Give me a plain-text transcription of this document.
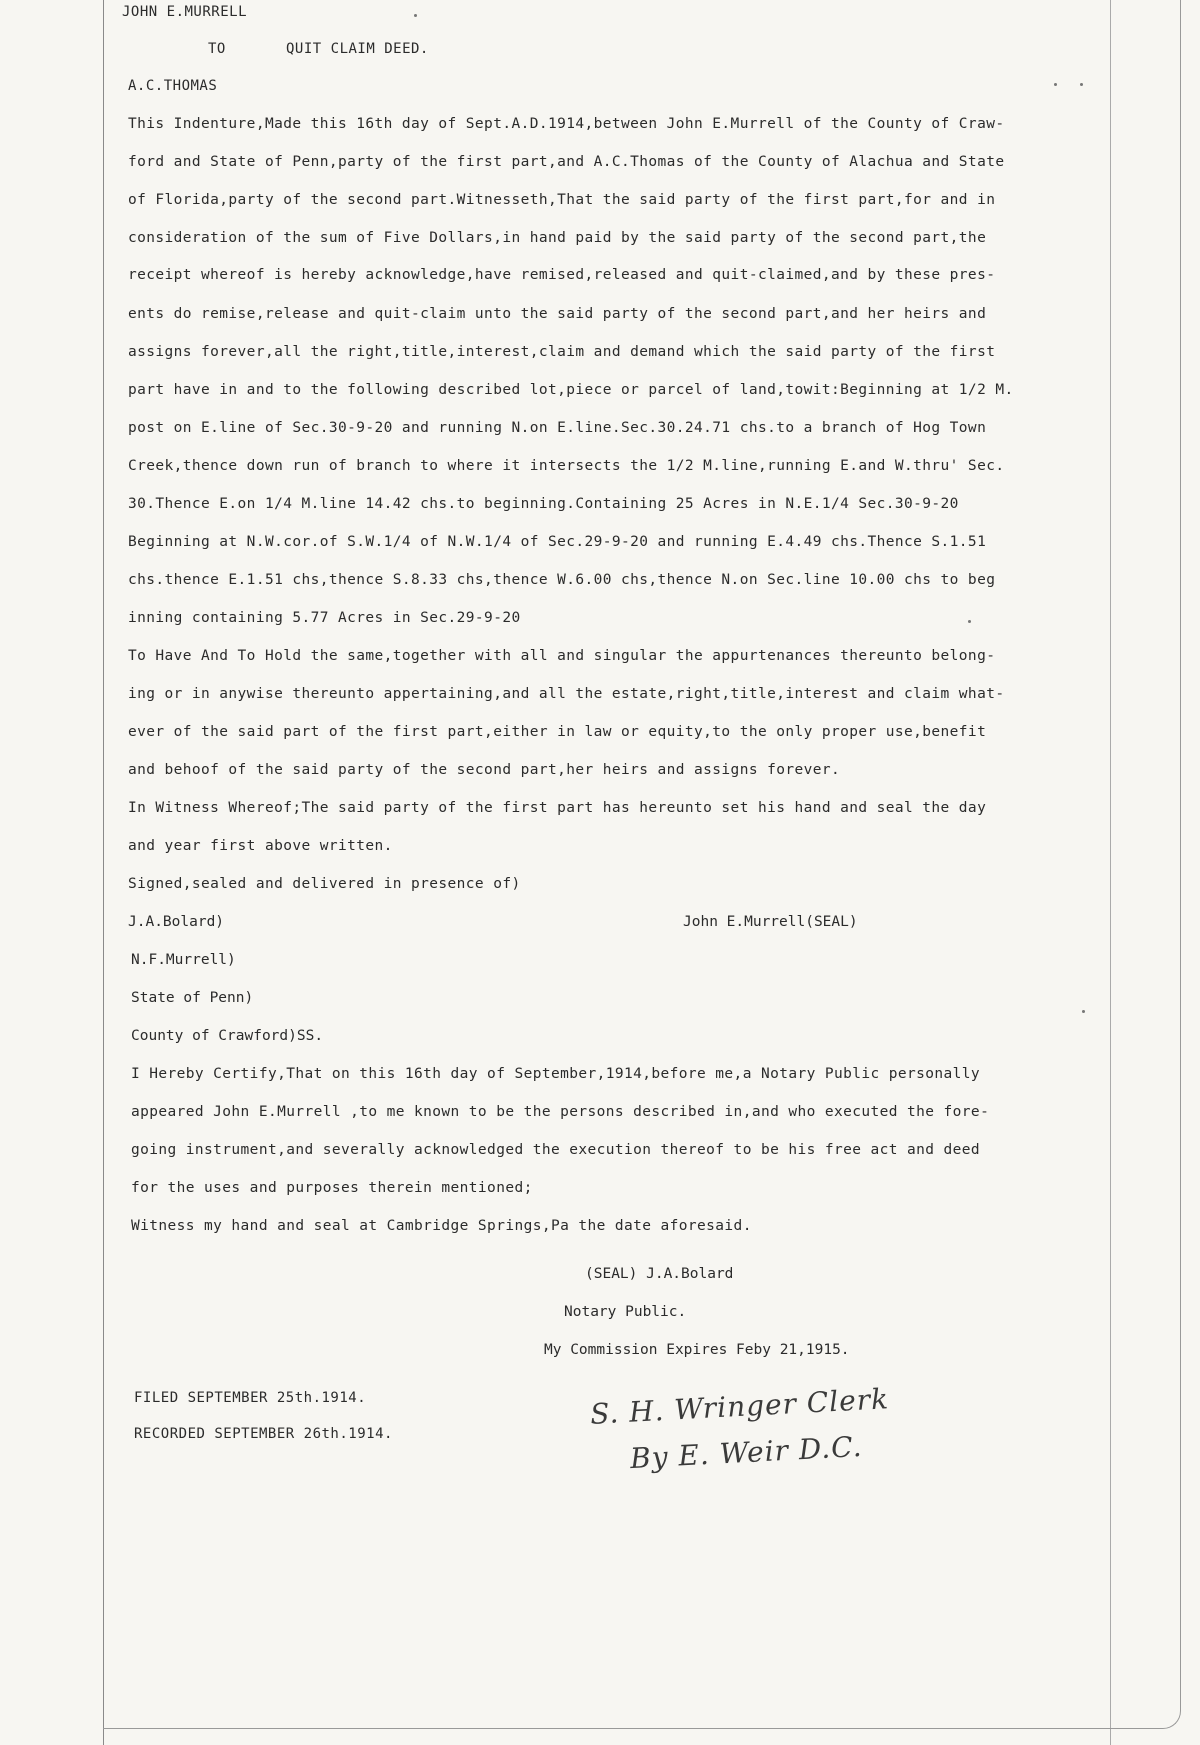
JOHN E.MURRELL
TO	QUIT CLAIM DEED.
A.C.THOMAS
This Indenture,Made this 16th day of Sept.A.D.1914,between John E.Murrell of the County of Craw-
ford and State of Penn,party of the first part,and A.C.Thomas of the County of Alachua and State
of Florida,party of the second part.Witnesseth,That the said party of the first part,for and in
consideration of the sum of Five Dollars,in hand paid by the said party of the second part,the
receipt whereof is hereby acknowledge,have remised,released and quit-claimed,and by these pres-
ents do remise,release and quit-claim unto the said party of the second part,and her heirs and
assigns forever,all the right,title,interest,claim and demand which the said party of the first
part have in and to the following described lot,piece or parcel of land,towit:Beginning at 1/2 M.
post on E.line of Sec.30-9-20 and running N.on E.line.Sec.30.24.71 chs.to a branch of Hog Town
Creek,thence down run of branch to where it intersects the 1/2 M.line,running E.and W.thru' Sec.
30.Thence E.on 1/4 M.line 14.42 chs.to beginning.Containing 25 Acres in N.E.1/4 Sec.30-9-20
Beginning at N.W.cor.of S.W.1/4 of N.W.1/4 of Sec.29-9-20 and running E.4.49 chs.Thence S.1.51
chs.thence E.1.51 chs,thence S.8.33 chs,thence W.6.00 chs,thence N.on Sec.line 10.00 chs to beg
inning containing 5.77 Acres in Sec.29-9-20
To Have And To Hold the same,together with all and singular the appurtenances thereunto belong-
ing or in anywise thereunto appertaining,and all the estate,right,title,interest and claim what-
ever of the said part of the first part,either in law or equity,to the only proper use,benefit
and behoof of the said party of the second part,her heirs and assigns forever.
In Witness Whereof;The said party of the first part has hereunto set his hand and seal the day
and year first above written.
Signed,sealed and delivered in presence of)
J.A.Bolard)	John E.Murrell(SEAL)
N.F.Murrell)
State of Penn)
County of Crawford)SS.
I Hereby Certify,That on this 16th day of September,1914,before me,a Notary Public personally
appeared John E.Murrell ,to me known to be the persons described in,and who executed the fore-
going instrument,and severally acknowledged the execution thereof to be his free act and deed
for the uses and purposes therein mentioned;
Witness my hand and seal at Cambridge Springs,Pa the date aforesaid.
(SEAL) J.A.Bolard
Notary Public.
My Commission Expires Feby 21,1915.
FILED SEPTEMBER 25th.1914.
RECORDED SEPTEMBER 26th.1914.
S. H. Wringer Clerk
By E. Weir D.C.
